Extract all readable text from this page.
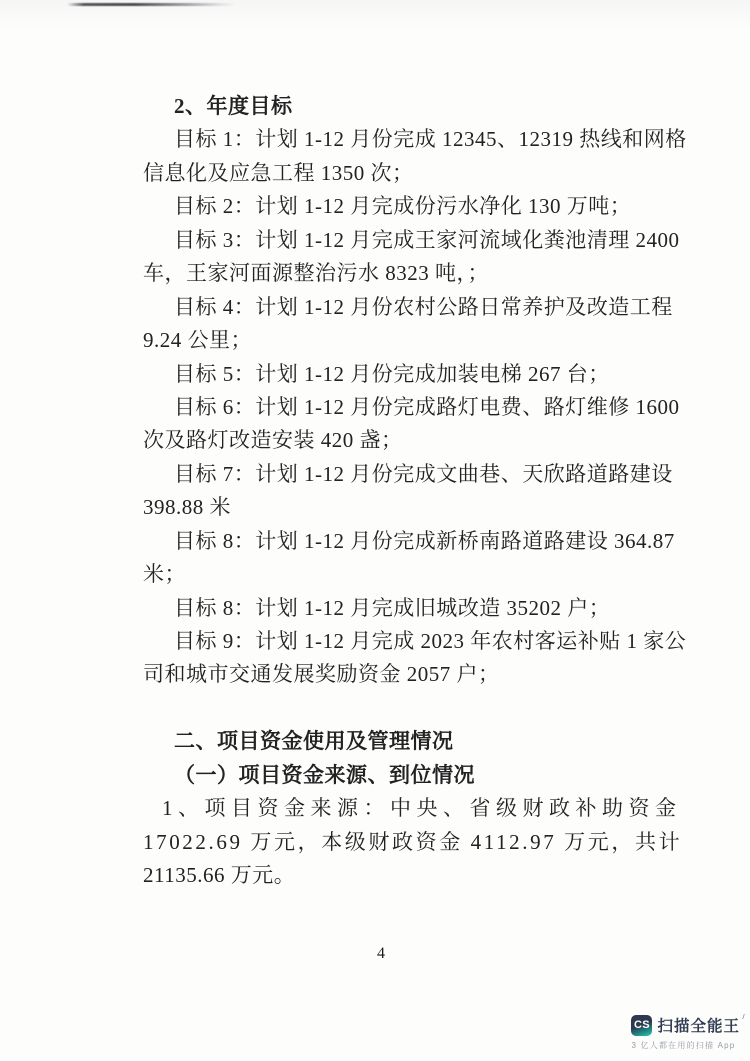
2、年度目标
目标 1：计划 1-12 月份完成 12345、12319 热线和网格
信息化及应急工程 1350 次；
目标 2：计划 1-12 月完成份污水净化 130 万吨；
目标 3：计划 1-12 月完成王家河流域化粪池清理 2400
车，王家河面源整治污水 8323 吨，；
目标 4：计划 1-12 月份农村公路日常养护及改造工程
9.24 公里；
目标 5：计划 1-12 月份完成加装电梯 267 台；
目标 6：计划 1-12 月份完成路灯电费、路灯维修 1600
次及路灯改造安装 420 盏；
目标 7：计划 1-12 月份完成文曲巷、天欣路道路建设
398.88 米
目标 8：计划 1-12 月份完成新桥南路道路建设 364.87
米；
目标 8：计划 1-12 月完成旧城改造 35202 户；
目标 9：计划 1-12 月完成 2023 年农村客运补贴 1 家公
司和城市交通发展奖励资金 2057 户；
二、项目资金使用及管理情况
（一）项目资金来源、到位情况
1、项目资金来源：中央、省级财政补助资金
17022.69 万元，本级财政资金 4112.97 万元，共计
21135.66 万元。
4
CS 扫描全能王
3 亿人都在用的扫描 App
